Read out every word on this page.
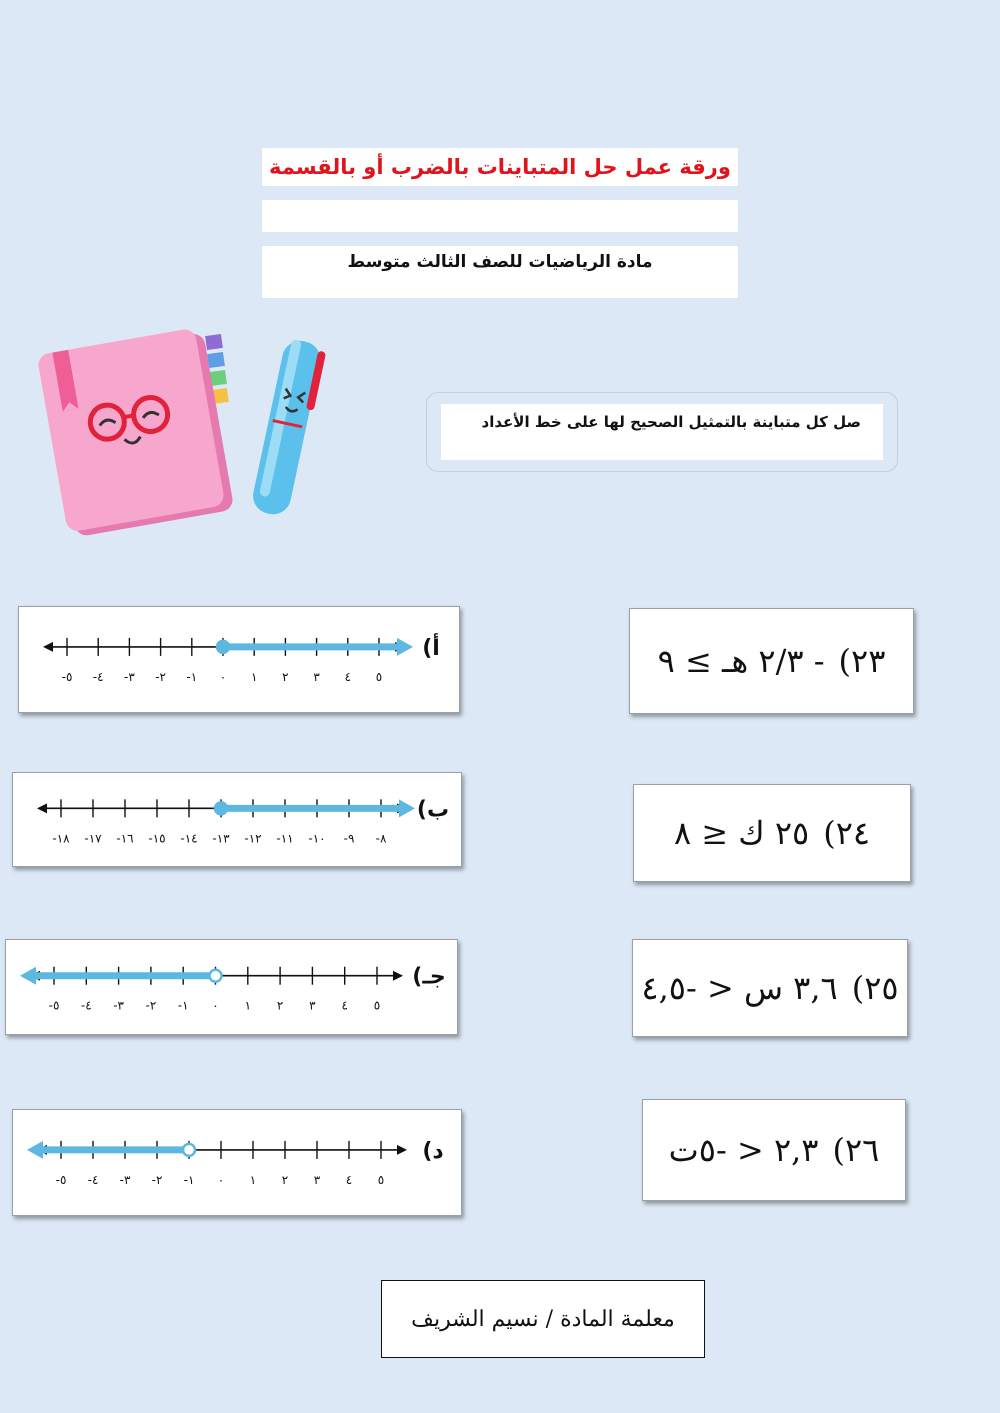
ورقة عمل حل المتباينات بالضرب أو بالقسمة
مادة الرياضيات للصف الثالث متوسط
صل كل متباينة بالتمثيل الصحيح لها على خط الأعداد
٢٣)
- ٢/٣ هـ ≥ ٩
٢٤)
٢٥ ك ≤ ٨
٢٥)
٣,٦ س < -٤,٥
٢٦)
٢,٣ < -٥ت
-٥ -٤ -٣ -٢ -١ ٠ ١ ٢ ٣ ٤ ٥
أ)
-١٨ -١٧ -١٦ -١٥ -١٤ -١٣ -١٢ -١١ -١٠ -٩ -٨
ب)
-٥ -٤ -٣ -٢ -١ ٠ ١ ٢ ٣ ٤ ٥
جـ)
-٥ -٤ -٣ -٢ -١ ٠ ١ ٢ ٣ ٤ ٥
د)
معلمة المادة / نسيم الشريف
